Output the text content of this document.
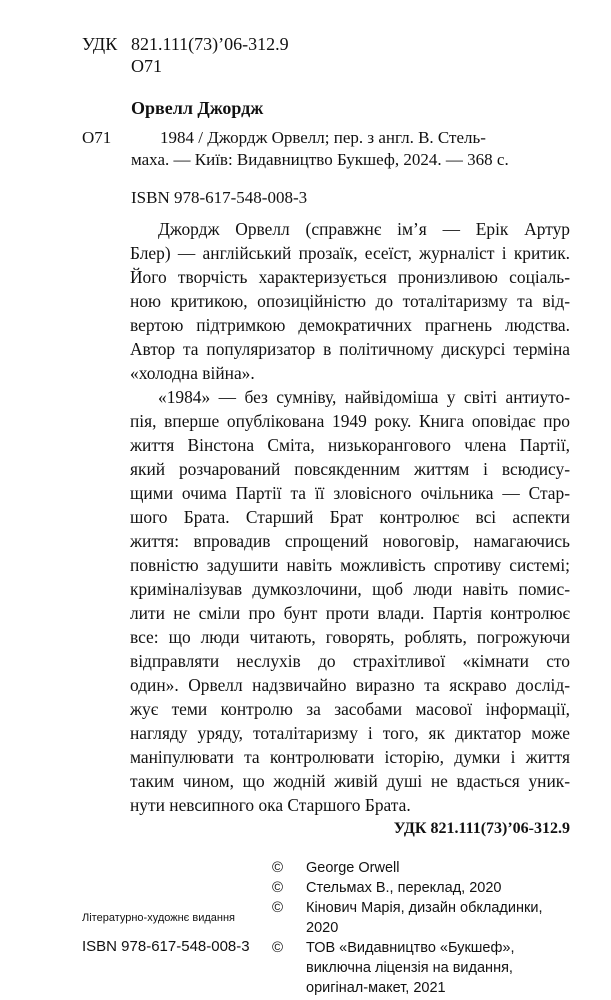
УДК 821.111(73)’06-312.9
О71
Орвелл Джордж
О71	1984 / Джордж Орвелл; пер. з англ. В. Стель-
маха. — Київ: Видавництво Букшеф, 2024. — 368 с.
ISBN 978-617-548-008-3
Джордж Орвелл (справжнє ім’я — Ерік Артур
Блер) — англійський прозаїк, есеїст, журналіст і критик.
Його творчість характеризується пронизливою соціаль-
ною критикою, опозиційністю до тоталітаризму та від-
вертою підтримкою демократичних прагнень людства.
Автор та популяризатор в політичному дискурсі терміна
«холодна війна».
«1984» — без сумніву, найвідоміша у світі антиуто-
пія, вперше опублікована 1949 року. Книга оповідає про
життя Вінстона Сміта, низькорангового члена Партії,
який розчарований повсякденним життям і всюдису-
щими очима Партії та її зловісного очільника — Стар-
шого Брата. Старший Брат контролює всі аспекти
життя: впровадив спрощений новоговір, намагаючись
повністю задушити навіть можливість спротиву системі;
криміналізував думкозлочини, щоб люди навіть помис-
лити не сміли про бунт проти влади. Партія контролює
все: що люди читають, говорять, роблять, погрожуючи
відправляти неслухів до страхітливої «кімнати сто
один». Орвелл надзвичайно виразно та яскраво дослід-
жує теми контролю за засобами масової інформації,
нагляду уряду, тоталітаризму і того, як диктатор може
маніпулювати та контролювати історію, думки і життя
таким чином, що жодній живій душі не вдасться уник-
нути невсипного ока Старшого Брата.
УДК 821.111(73)’06-312.9
© George Orwell
© Стельмах В., переклад, 2020
© Кінович Марія, дизайн обкладинки,
2020
© ТОВ «Видавництво «Букшеф»,
виключна ліцензія на видання,
оригінал-макет, 2021
Літературно-художнє видання
ISBN 978-617-548-008-3
